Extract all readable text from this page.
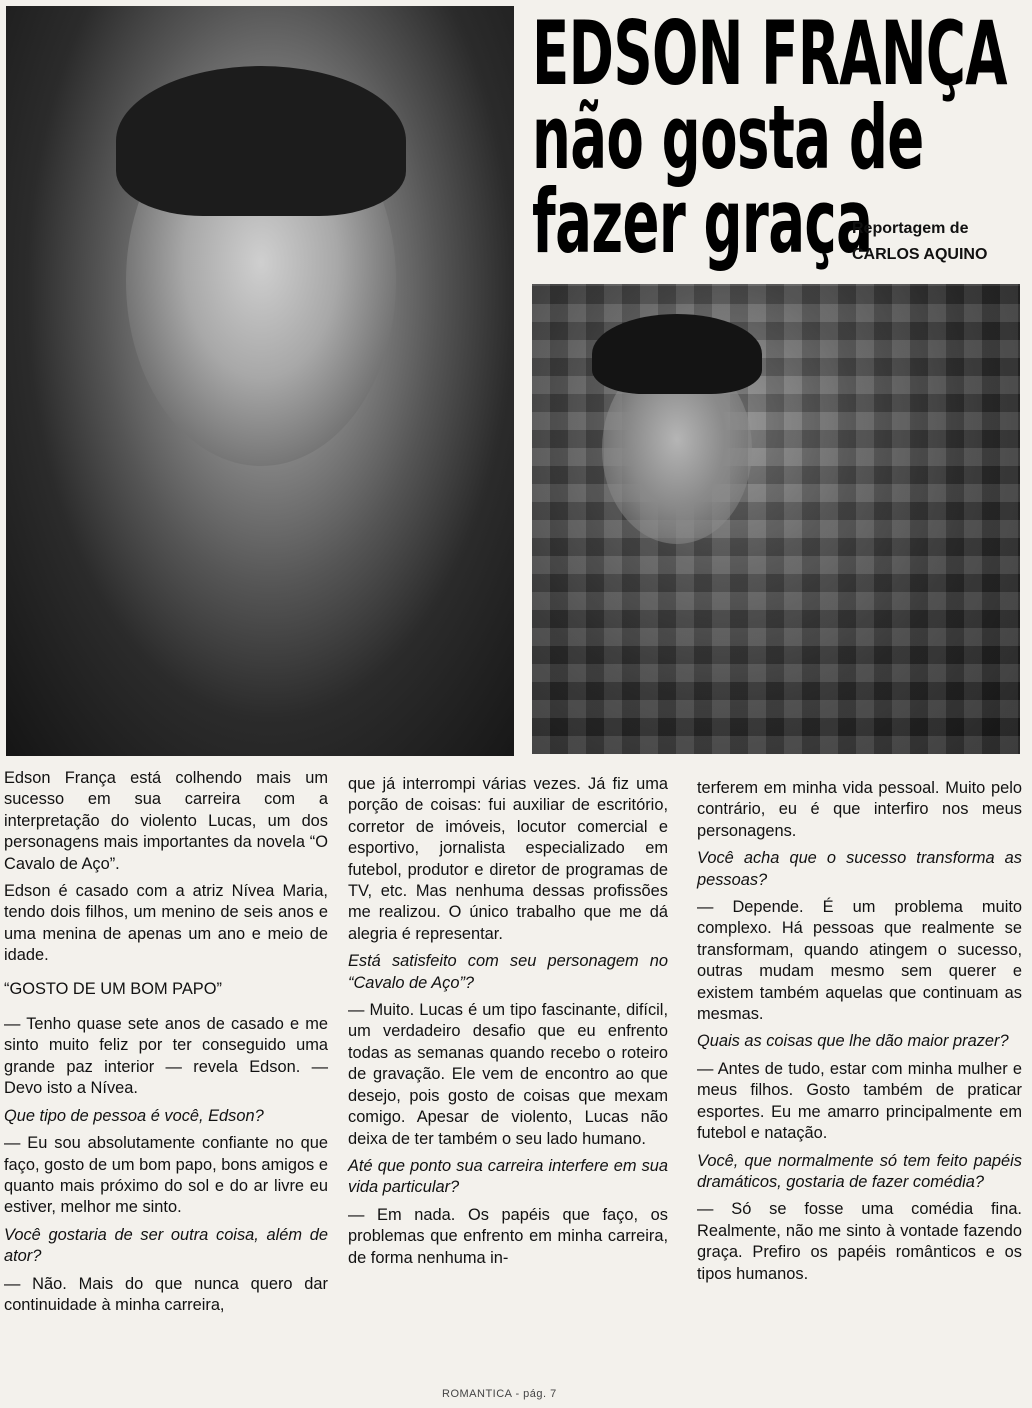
EDSON FRANÇA
não gosta de
fazer graça
Reportagem de
CARLOS AQUINO

Edson França está colhendo mais um sucesso em sua carreira com a interpretação do violento Lucas, um dos personagens mais importantes da novela “O Cavalo de Aço”.

Edson é casado com a atriz Nívea Maria, tendo dois filhos, um menino de seis anos e uma menina de apenas um ano e meio de idade.

“GOSTO DE UM BOM PAPO”

— Tenho quase sete anos de casado e me sinto muito feliz por ter conseguido uma grande paz interior — revela Edson. — Devo isto a Nívea.

Que tipo de pessoa é você, Edson?

— Eu sou absolutamente confiante no que faço, gosto de um bom papo, bons amigos e quanto mais próximo do sol e do ar livre eu estiver, melhor me sinto.

Você gostaria de ser outra coisa, além de ator?

— Não. Mais do que nunca quero dar continuidade à minha carreira,

que já interrompi várias vezes. Já fiz uma porção de coisas: fui auxiliar de escritório, corretor de imóveis, locutor comercial e esportivo, jornalista especializado em futebol, produtor e diretor de programas de TV, etc. Mas nenhuma dessas profissões me realizou. O único trabalho que me dá alegria é representar.

Está satisfeito com seu personagem no “Cavalo de Aço”?

— Muito. Lucas é um tipo fascinante, difícil, um verdadeiro desafio que eu enfrento todas as semanas quando recebo o roteiro de gravação. Ele vem de encontro ao que desejo, pois gosto de coisas que mexam comigo. Apesar de violento, Lucas não deixa de ter também o seu lado humano.

Até que ponto sua carreira interfere em sua vida particular?

— Em nada. Os papéis que faço, os problemas que enfrento em minha carreira, de forma nenhuma in-

terferem em minha vida pessoal. Muito pelo contrário, eu é que interfiro nos meus personagens.

Você acha que o sucesso transforma as pessoas?

— Depende. É um problema muito complexo. Há pessoas que realmente se transformam, quando atingem o sucesso, outras mudam mesmo sem querer e existem também aquelas que continuam as mesmas.

Quais as coisas que lhe dão maior prazer?

— Antes de tudo, estar com minha mulher e meus filhos. Gosto também de praticar esportes. Eu me amarro principalmente em futebol e natação.

Você, que normalmente só tem feito papéis dramáticos, gostaria de fazer comédia?

— Só se fosse uma comédia fina. Realmente, não me sinto à vontade fazendo graça. Prefiro os papéis românticos e os tipos humanos.

ROMANTICA - pág. 7
